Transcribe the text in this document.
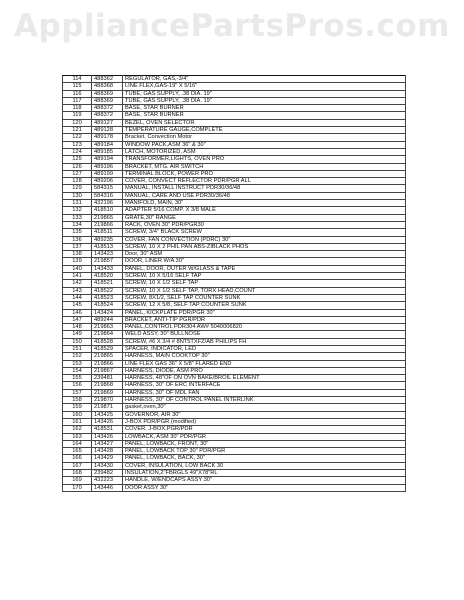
AppliancePartsPros.com
114	488362	REGULATOR, GAS,-3/4"
115	488368	LINE FLEX,GAS-19" X 5/16"
116	488369	TUBE, GAS SUPPLY, .38 DIA. 19"
117	488369	TUBE, GAS SUPPLY, .38 DIA. 19"
118	488372	BASE, STAR BURNER
119	488372	BASE, STAR BURNER
120	489127	BEZEL, OVEN SELECTOR
121	489128	TEMPERATURE GAUGE,COMPLETE
122	489178	Bracket, Convection Motor
123	489184	WINDOW PACK,ASM 36" & 30"
124	489185	LATCH, MOTORIZED, ASM
125	489194	TRANSFORMER,LIGHTS, OVEN PRO
126	489196	BRACKET, MTG. AIR SWITCH
127	489199	TERMINAL BLOCK, POWER PRO
128	489206	COVER, CONVECT REFLECTOR PDR/PGR ALL
129	584315	MANUAL, INSTALL INSTRUCT PDR30/36/48
130	584316	MANUAL, CARE AND USE PDR30/36/48
131	432196	MANIFOLD, MAIN, 30"
132	418510	ADAPTER 5/16 COMP. X 3/8 MALE
133	219865	GRATE,30" RANGE
134	219866	RACK, OVEN 30" PDR/PGR30
135	418511	SCREW, 3/4" BLACK SCREW
136	489235	COVER, FAN CONVECTION (PDRC) 30"
137	418513	SCREW, 10 X 2 PHIL PAN ABS-ZIBLACK PHOS
138	143423	Door, 30" ASM
139	219857	DOOR, LINER W/A 30"
140	143433	PANEL, DOOR, OUTER W/GLASS & TAPE
141	418520	SCREW, 10 X 5/16 SELF TAP
142	418521	SCREW, 10 X 1/2 SELF TAP
143	418522	SCREW, 10 X 1/2 SELF TAP, TORX HEAD,COUNT
144	418523	SCREW, 8X1/2, SELF TAP COUNTER SUNK
145	418524	SCREW, 12 X 5/8, SELF TAP COUNTER SUNK
146	143424	PANEL, KICKPLATE PDR/PGR 30"
147	489244	BRACKET, ANTI-TIP PGR/PDR
148	219863	PANEL,CONTROL PDR304 AW# 5040006820
149	219864	WELD ASSY, 30" BULLNOSE
150	418528	SCREW, #6 X 3/4 # 8NT5TXFZ/AB PHILIPS FH
151	418529	SPACER, INDICATOR, LED
152	219865	HARNESS, MAIN COOKTOP 30"
153	219866	LINE FLEX GAS 36" X 5/8" FLARED END
154	219867	HARNESS, DIODE, ASM PRO
155	239481	HARNESS, 48"OF ON OVN BAKE/BROIL ELEMENT
156	219868	HARNESS, 30" OF ERC INTERFACE
157	219869	HARNESS, 30" OF MDL FAN
158	219870	HARNESS, 30" OF CONTROL PANEL INTERLINK
159	219871	gasket,oven,30"
160	143425	GOVERNOR, AIR 30"
161	143426	J-BOX PDR/PGR (modified)
162	418531	COVER, J-BOX,PGR/PDR
163	143426	LOWBACK, ASM 30" PDR/PGR
164	143427	PANEL, LOWBACK, FRONT, 30"
165	143428	PANEL, LOWBACK TOP 30" PDR/PGR
166	143429	PANEL, LOWBACK, BACK, 30"
167	143430	COVER, INSULATION, LOW BACK 30
168	239482	INSULATION,2"FBRGLS 49"X78"RL
169	432223	HANDLE, W/ENDCAPS ASSY 30"
170	143446	DOOR ASSY 30"
